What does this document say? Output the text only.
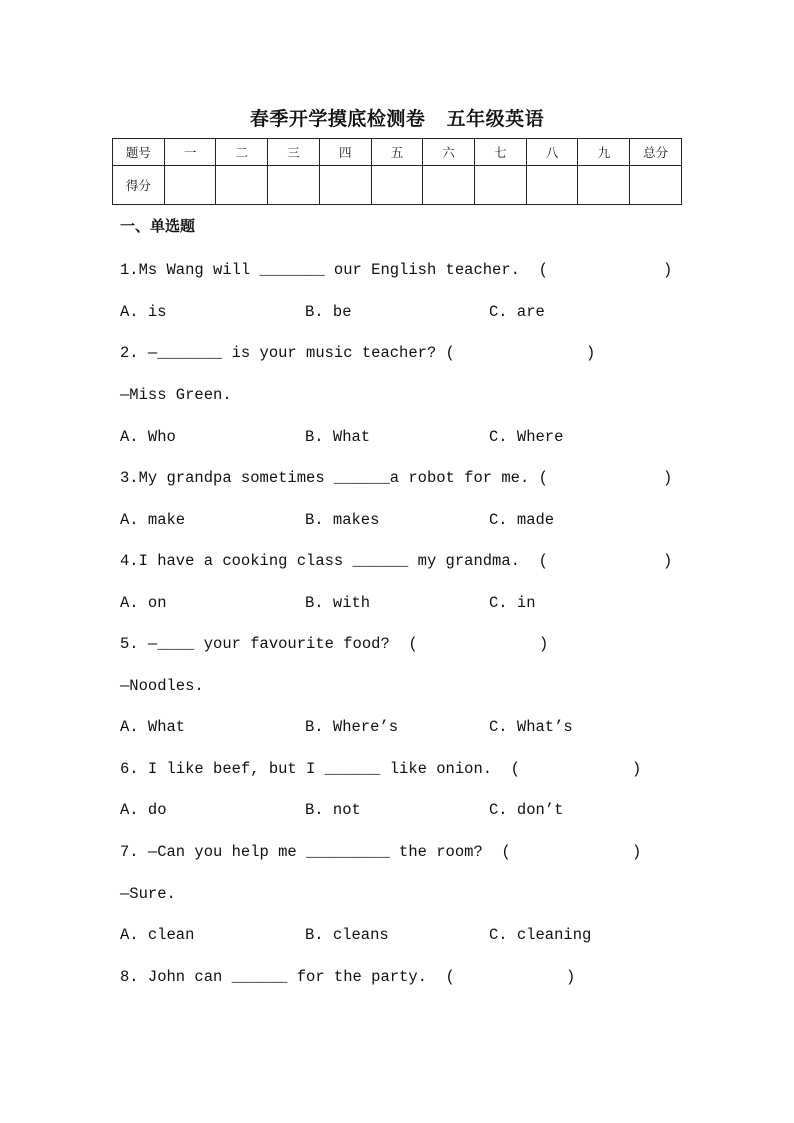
春季开学摸底检测卷   五年级英语
题号	一	二	三	四	五	六	七	八	九	总分
得分										
一、单选题
1.Ms Wang will _______ our English teacher.  (	)
A. is	B. be	C. are
2. —_______ is your music teacher? (	)
—Miss Green.
A. Who	B. What	C. Where
3.My grandpa sometimes ______a robot for me. (	)
A. make	B. makes	C. made
4.I have a cooking class ______ my grandma.  (	)
A. on	B. with	C. in
5. —____ your favourite food?  (	)
—Noodles.
A. What	B. Where’s	C. What’s
6. I like beef, but I ______ like onion.  (	)
A. do	B. not	C. don’t
7. —Can you help me _________ the room?  (	)
—Sure.
A. clean	B. cleans	C. cleaning
8. John can ______ for the party.  (	)
